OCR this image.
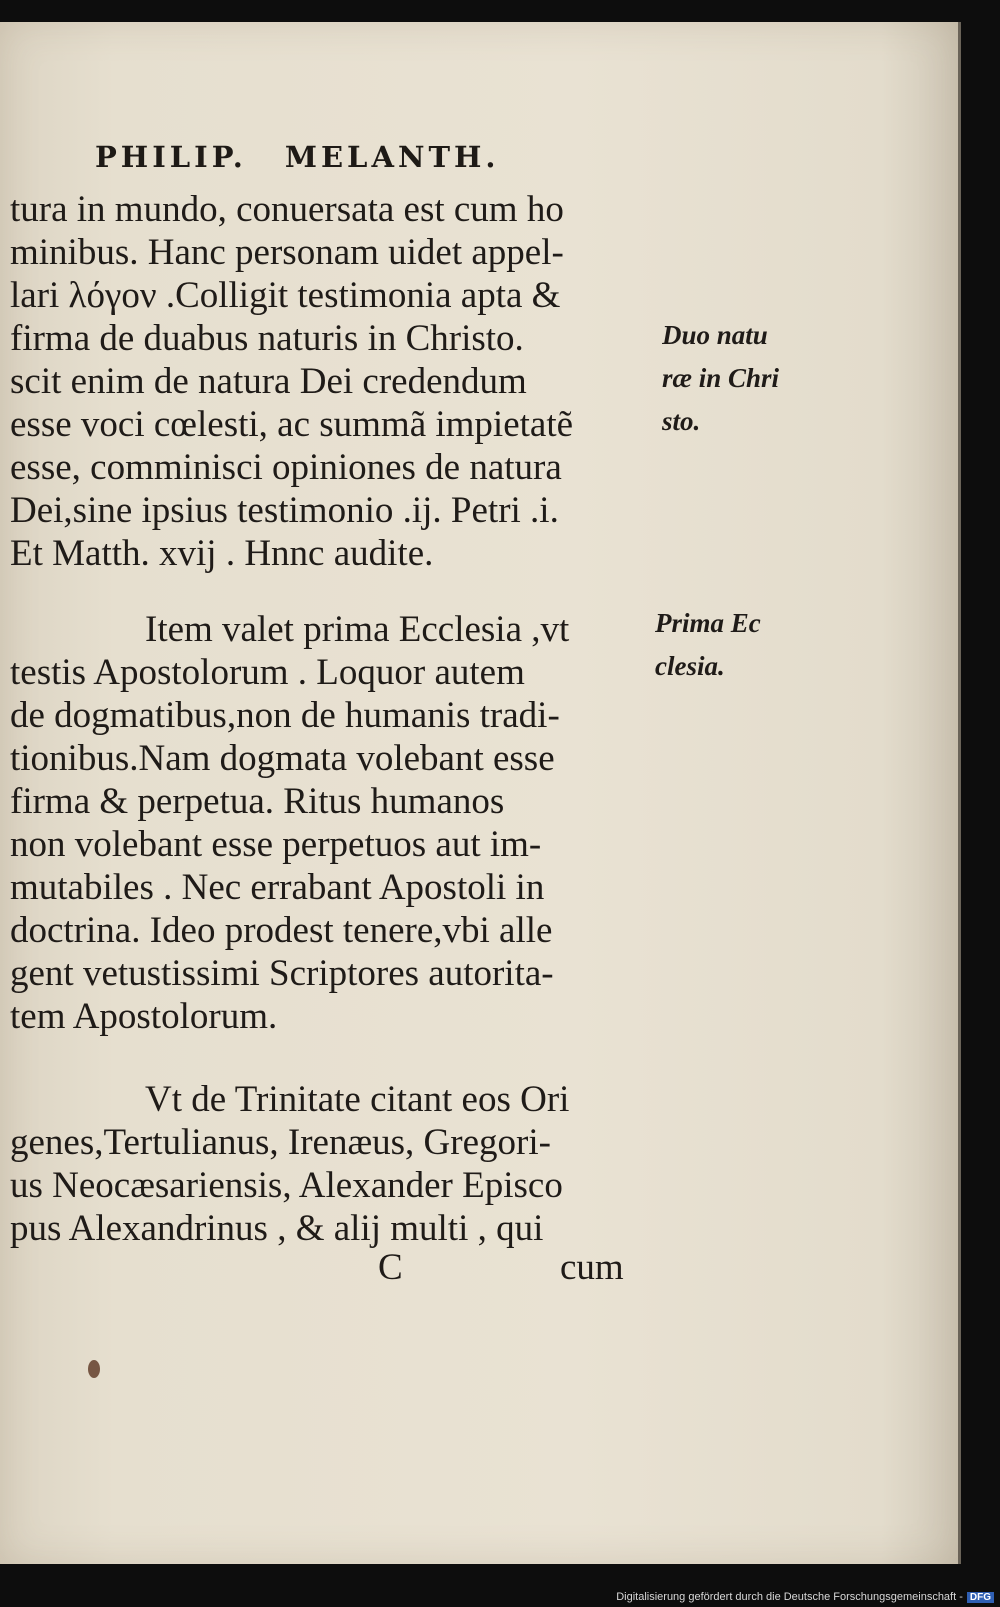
PHILIP. MELANTH.
tura in mundo, conuersata est cum ho
minibus. Hanc personam uidet appel-
lari λόγον .Colligit testimonia apta &
firma de duabus naturis in Christo.
scit enim de natura Dei credendum
esse voci cœlesti, ac summã impietatẽ
esse, comminisci opiniones de natura
Dei,sine ipsius testimonio .ij. Petri .i.
Et Matth. xvij . Hnnc audite.
Duo natu
ræ in Chri
sto.
Item valet prima Ecclesia ,vt
testis Apostolorum . Loquor autem
de dogmatibus,non de humanis tradi-
tionibus.Nam dogmata volebant esse
firma & perpetua. Ritus humanos
non volebant esse perpetuos aut im-
mutabiles . Nec errabant Apostoli in
doctrina. Ideo prodest tenere,vbi alle
gent vetustissimi Scriptores autorita-
tem Apostolorum.
Prima Ec
clesia.
Vt de Trinitate citant eos Ori
genes,Tertulianus, Irenæus, Gregori-
us Neocæsariensis, Alexander Episco
pus Alexandrinus , & alij multi , qui
C	cum
Digitalisierung gefördert durch die Deutsche Forschungsgemeinschaft - DFG
